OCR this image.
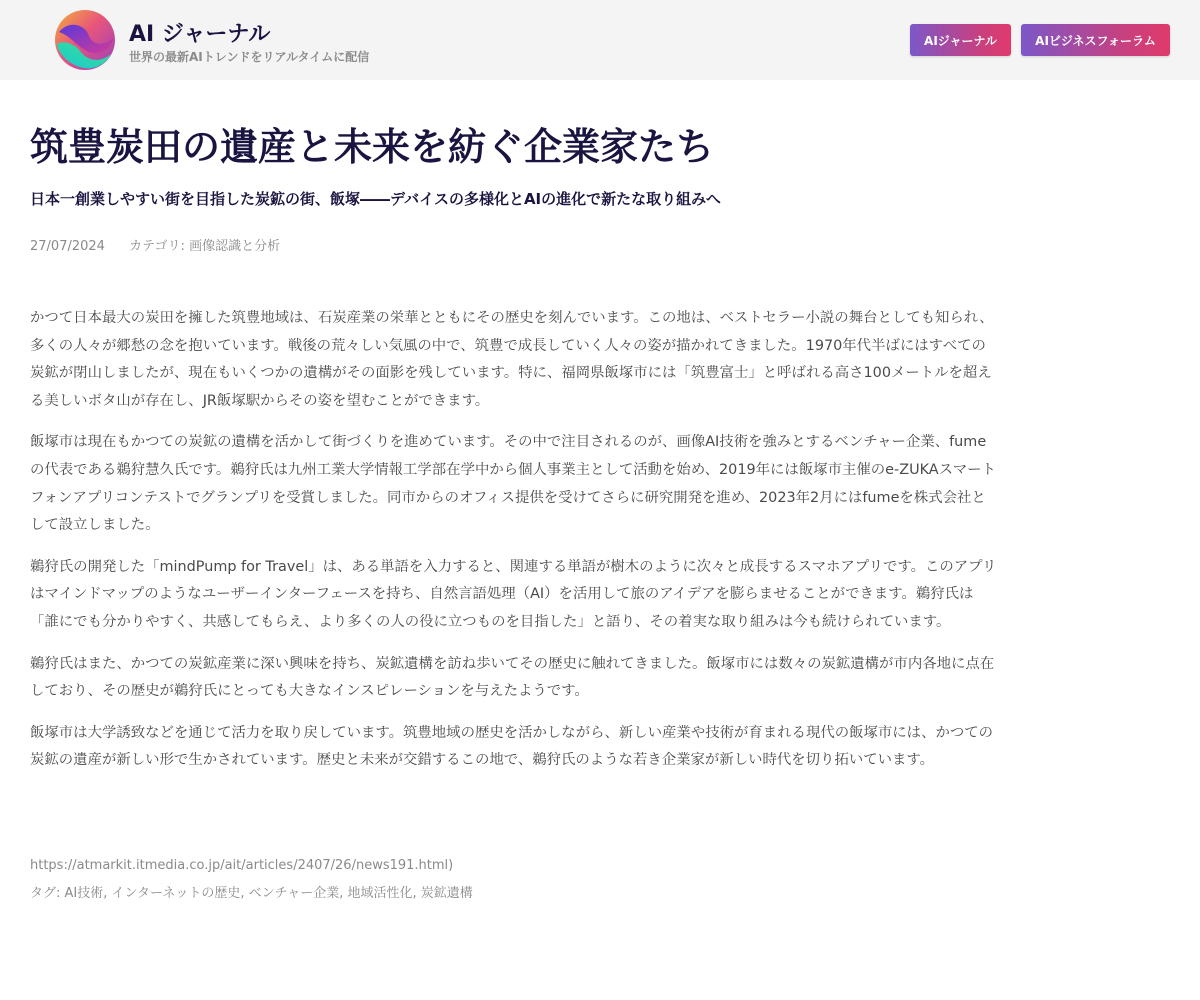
AI ジャーナル
世界の最新AIトレンドをリアルタイムに配信
AIジャーナル	AIビジネスフォーラム
筑豊炭田の遺産と未来を紡ぐ企業家たち
日本一創業しやすい街を目指した炭鉱の街、飯塚――デバイスの多様化とAIの進化で新たな取り組みへ
27/07/2024 カテゴリ: 画像認識と分析

かつて日本最大の炭田を擁した筑豊地域は、石炭産業の栄華とともにその歴史を刻んでいます。この地は、ベストセラー小説の舞台としても知られ、多くの人々が郷愁の念を抱いています。戦後の荒々しい気風の中で、筑豊で成長していく人々の姿が描かれてきました。1970年代半ばにはすべての炭鉱が閉山しましたが、現在もいくつかの遺構がその面影を残しています。特に、福岡県飯塚市には「筑豊富士」と呼ばれる高さ100メートルを超える美しいボタ山が存在し、JR飯塚駅からその姿を望むことができます。

飯塚市は現在もかつての炭鉱の遺構を活かして街づくりを進めています。その中で注目されるのが、画像AI技術を強みとするベンチャー企業、fumeの代表である鵜狩慧久氏です。鵜狩氏は九州工業大学情報工学部在学中から個人事業主として活動を始め、2019年には飯塚市主催のe-ZUKAスマートフォンアプリコンテストでグランプリを受賞しました。同市からのオフィス提供を受けてさらに研究開発を進め、2023年2月にはfumeを株式会社として設立しました。

鵜狩氏の開発した「mindPump for Travel」は、ある単語を入力すると、関連する単語が樹木のように次々と成長するスマホアプリです。このアプリはマインドマップのようなユーザーインターフェースを持ち、自然言語処理（AI）を活用して旅のアイデアを膨らませることができます。鵜狩氏は「誰にでも分かりやすく、共感してもらえ、より多くの人の役に立つものを目指した」と語り、その着実な取り組みは今も続けられています。

鵜狩氏はまた、かつての炭鉱産業に深い興味を持ち、炭鉱遺構を訪ね歩いてその歴史に触れてきました。飯塚市には数々の炭鉱遺構が市内各地に点在しており、その歴史が鵜狩氏にとっても大きなインスピレーションを与えたようです。

飯塚市は大学誘致などを通じて活力を取り戻しています。筑豊地域の歴史を活かしながら、新しい産業や技術が育まれる現代の飯塚市には、かつての炭鉱の遺産が新しい形で生かされています。歴史と未来が交錯するこの地で、鵜狩氏のような若き企業家が新しい時代を切り拓いています。

https://atmarkit.itmedia.co.jp/ait/articles/2407/26/news191.html)
タグ: AI技術, インターネットの歴史, ベンチャー企業, 地域活性化, 炭鉱遺構
